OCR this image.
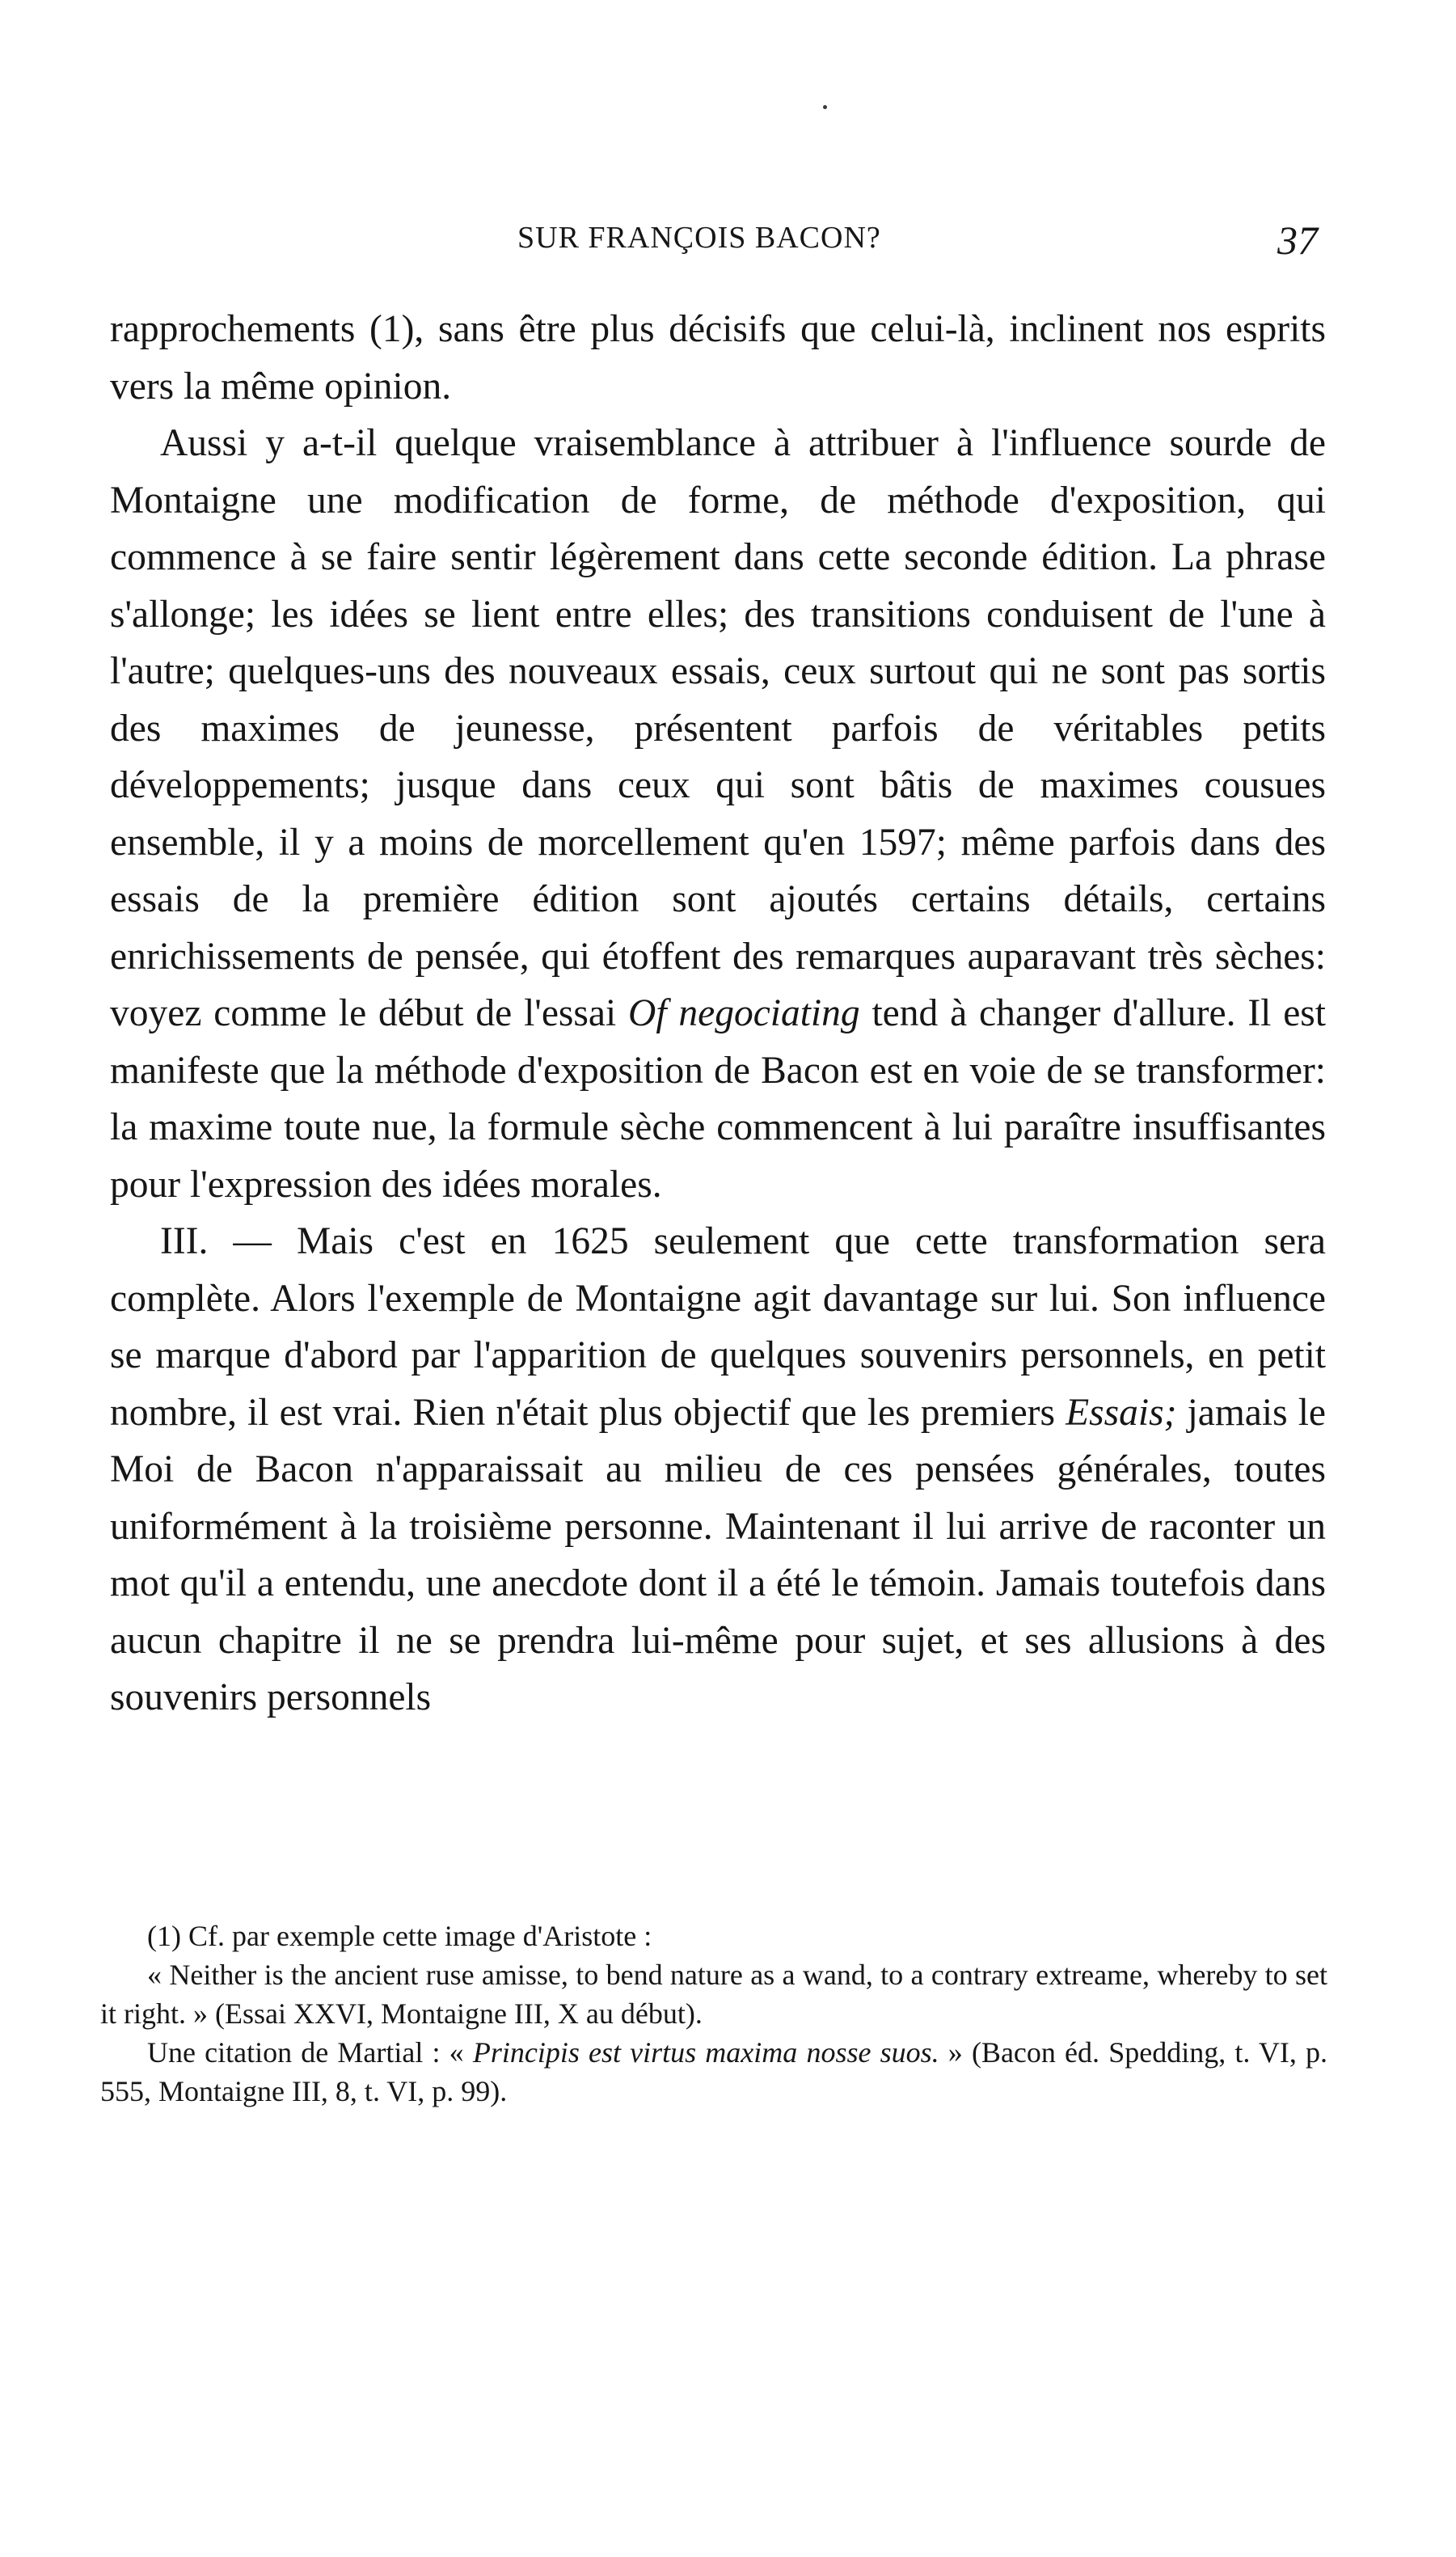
SUR FRANÇOIS BACON?	37

rapprochements (1), sans être plus décisifs que celui-là, inclinent nos esprits vers la même opinion.

Aussi y a-t-il quelque vraisemblance à attribuer à l'influence sourde de Montaigne une modification de forme, de méthode d'exposition, qui commence à se faire sentir légèrement dans cette seconde édition. La phrase s'allonge; les idées se lient entre elles; des transitions conduisent de l'une à l'autre; quelques-uns des nouveaux essais, ceux surtout qui ne sont pas sortis des maximes de jeunesse, présentent parfois de véritables petits développements; jusque dans ceux qui sont bâtis de maximes cousues ensemble, il y a moins de morcellement qu'en 1597; même parfois dans des essais de la première édition sont ajoutés certains détails, certains enrichissements de pensée, qui étoffent des remarques auparavant très sèches: voyez comme le début de l'essai Of negociating tend à changer d'allure. Il est manifeste que la méthode d'exposition de Bacon est en voie de se transformer: la maxime toute nue, la formule sèche commencent à lui paraître insuffisantes pour l'expression des idées morales.

III. — Mais c'est en 1625 seulement que cette transformation sera complète. Alors l'exemple de Montaigne agit davantage sur lui. Son influence se marque d'abord par l'apparition de quelques souvenirs personnels, en petit nombre, il est vrai. Rien n'était plus objectif que les premiers Essais; jamais le Moi de Bacon n'apparaissait au milieu de ces pensées générales, toutes uniformément à la troisième personne. Maintenant il lui arrive de raconter un mot qu'il a entendu, une anecdote dont il a été le témoin. Jamais toutefois dans aucun chapitre il ne se prendra lui-même pour sujet, et ses allusions à des souvenirs personnels

(1) Cf. par exemple cette image d'Aristote :

« Neither is the ancient ruse amisse, to bend nature as a wand, to a contrary extreame, whereby to set it right. » (Essai XXVI, Montaigne III, X au début).

Une citation de Martial : « Principis est virtus maxima nosse suos. » (Bacon éd. Spedding, t. VI, p. 555, Montaigne III, 8, t. VI, p. 99).
